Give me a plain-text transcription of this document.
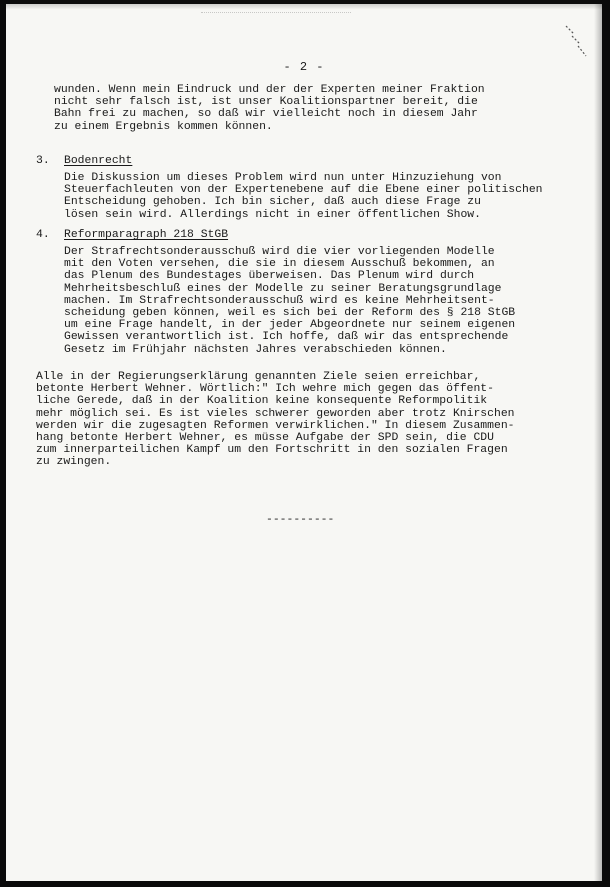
- 2 -
wunden. Wenn mein Eindruck und der der Experten meiner Fraktion
nicht sehr falsch ist, ist unser Koalitionspartner bereit, die
Bahn frei zu machen, so daß wir vielleicht noch in diesem Jahr
zu einem Ergebnis kommen können.
3. Bodenrecht
Die Diskussion um dieses Problem wird nun unter Hinzuziehung von
Steuerfachleuten von der Expertenebene auf die Ebene einer politischen
Entscheidung gehoben. Ich bin sicher, daß auch diese Frage zu
lösen sein wird. Allerdings nicht in einer öffentlichen Show.
4. Reformparagraph 218 StGB
Der Strafrechtsonderausschuß wird die vier vorliegenden Modelle
mit den Voten versehen, die sie in diesem Ausschuß bekommen, an
das Plenum des Bundestages überweisen. Das Plenum wird durch
Mehrheitsbeschluß eines der Modelle zu seiner Beratungsgrundlage
machen. Im Strafrechtsonderausschuß wird es keine Mehrheitsent-
scheidung geben können, weil es sich bei der Reform des § 218 StGB
um eine Frage handelt, in der jeder Abgeordnete nur seinem eigenen
Gewissen verantwortlich ist. Ich hoffe, daß wir das entsprechende
Gesetz im Frühjahr nächsten Jahres verabschieden können.
Alle in der Regierungserklärung genannten Ziele seien erreichbar,
betonte Herbert Wehner. Wörtlich:" Ich wehre mich gegen das öffent-
liche Gerede, daß in der Koalition keine konsequente Reformpolitik
mehr möglich sei. Es ist vieles schwerer geworden aber trotz Knirschen
werden wir die zugesagten Reformen verwirklichen." In diesem Zusammen-
hang betonte Herbert Wehner, es müsse Aufgabe der SPD sein, die CDU
zum innerparteilichen Kampf um den Fortschritt in den sozialen Fragen
zu zwingen.
----------
